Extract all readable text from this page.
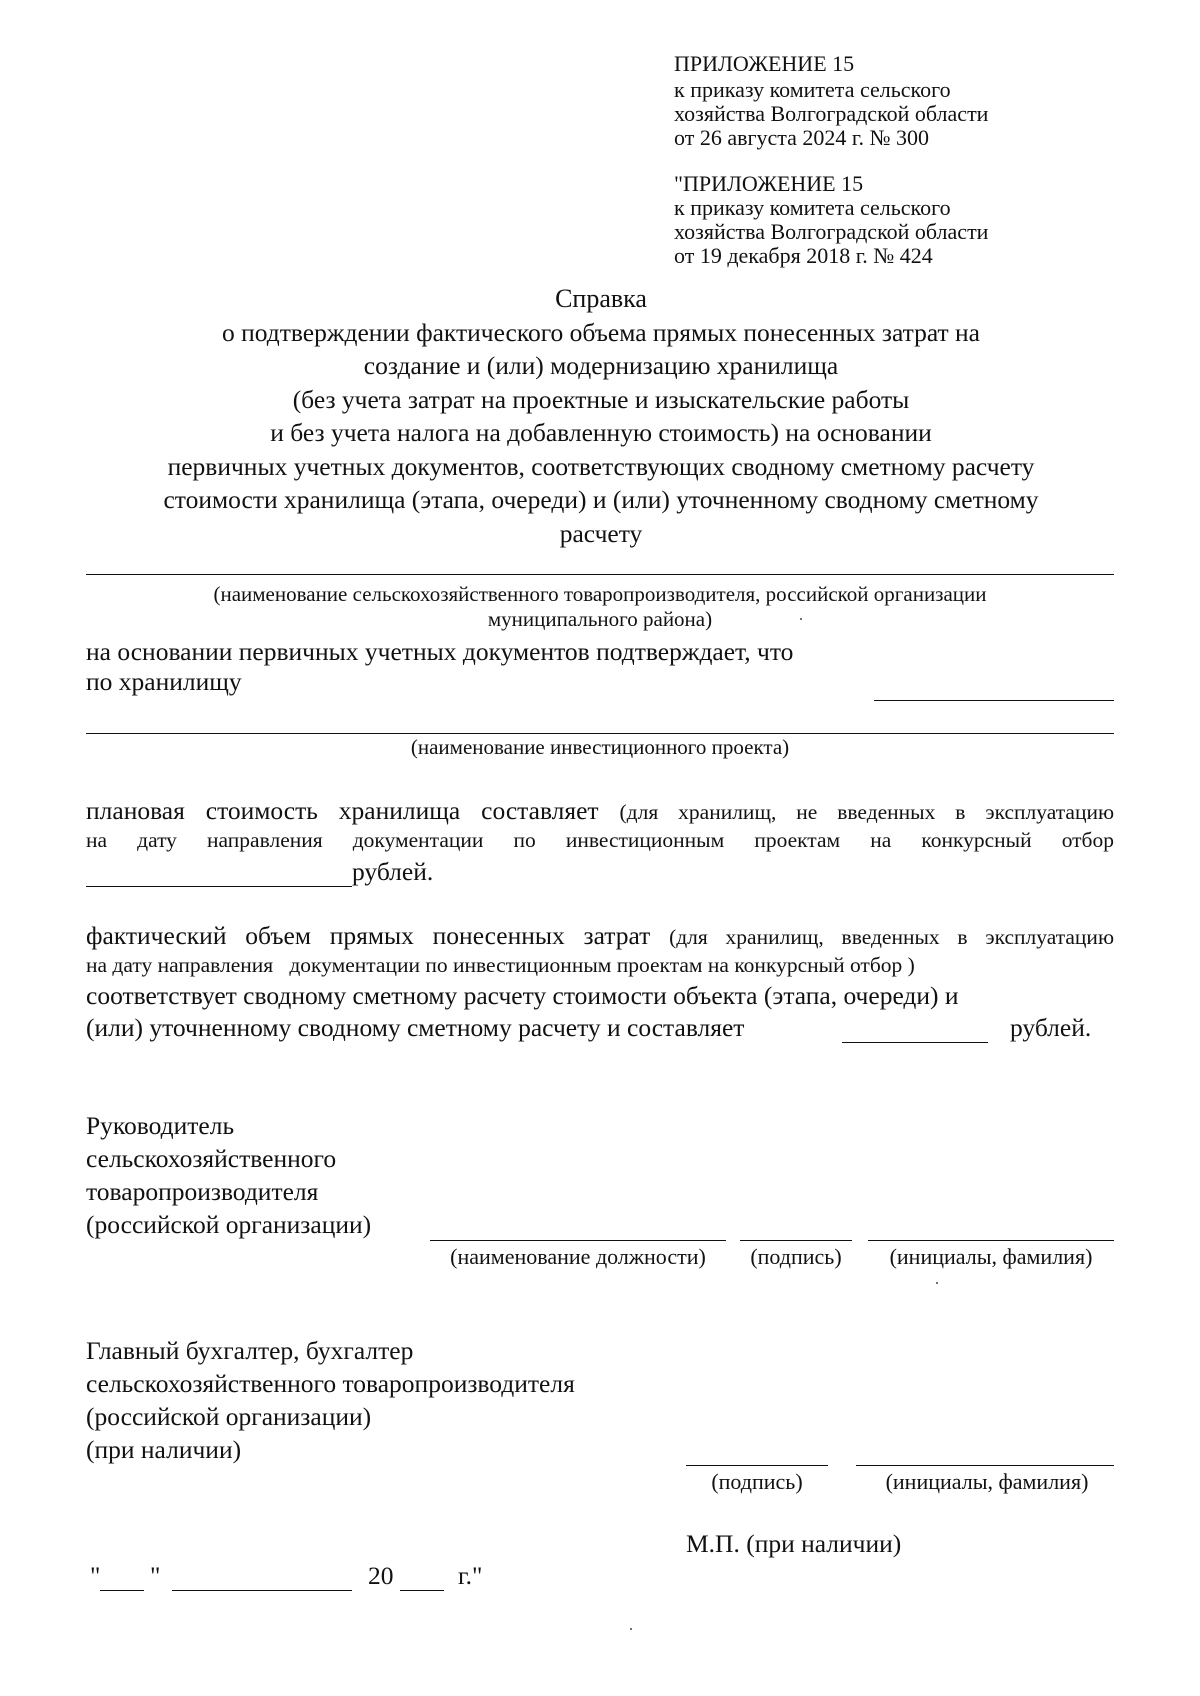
ПРИЛОЖЕНИЕ 15
к приказу комитета сельского
хозяйства Волгоградской области
от 26 августа 2024 г. № 300
"ПРИЛОЖЕНИЕ 15
к приказу комитета сельского
хозяйства Волгоградской области
от 19 декабря 2018 г. № 424
Справка
о подтверждении фактического объема прямых понесенных затрат на
создание и (или) модернизацию хранилища
(без учета затрат на проектные и изыскательские работы
и без учета налога на добавленную стоимость) на основании
первичных учетных документов, соответствующих сводному сметному расчету
стоимости хранилища (этапа, очереди) и (или) уточненному сводному сметному
расчету
(наименование сельскохозяйственного товаропроизводителя, российской организации
муниципального района)
на основании первичных учетных документов подтверждает, что
по хранилищу
(наименование инвестиционного проекта)
плановая стоимость хранилища составляет (для хранилищ, не введенных в эксплуатацию
на дату направления документации по инвестиционным проектам на конкурсный отбор
рублей.
фактический объем прямых понесенных затрат (для хранилищ, введенных в эксплуатацию
на дату направления   документации по инвестиционным проектам на конкурсный отбор )
соответствует сводному сметному расчету стоимости объекта (этапа, очереди) и
(или) уточненному сводному сметному расчету и составляет	рублей.
Руководитель
сельскохозяйственного
товаропроизводителя
(российской организации)
(наименование должности)	(подпись)	(инициалы, фамилия)
Главный бухгалтер, бухгалтер
сельскохозяйственного товаропроизводителя
(российской организации)
(при наличии)
(подпись)	(инициалы, фамилия)
М.П. (при наличии)
" "	20	г."
